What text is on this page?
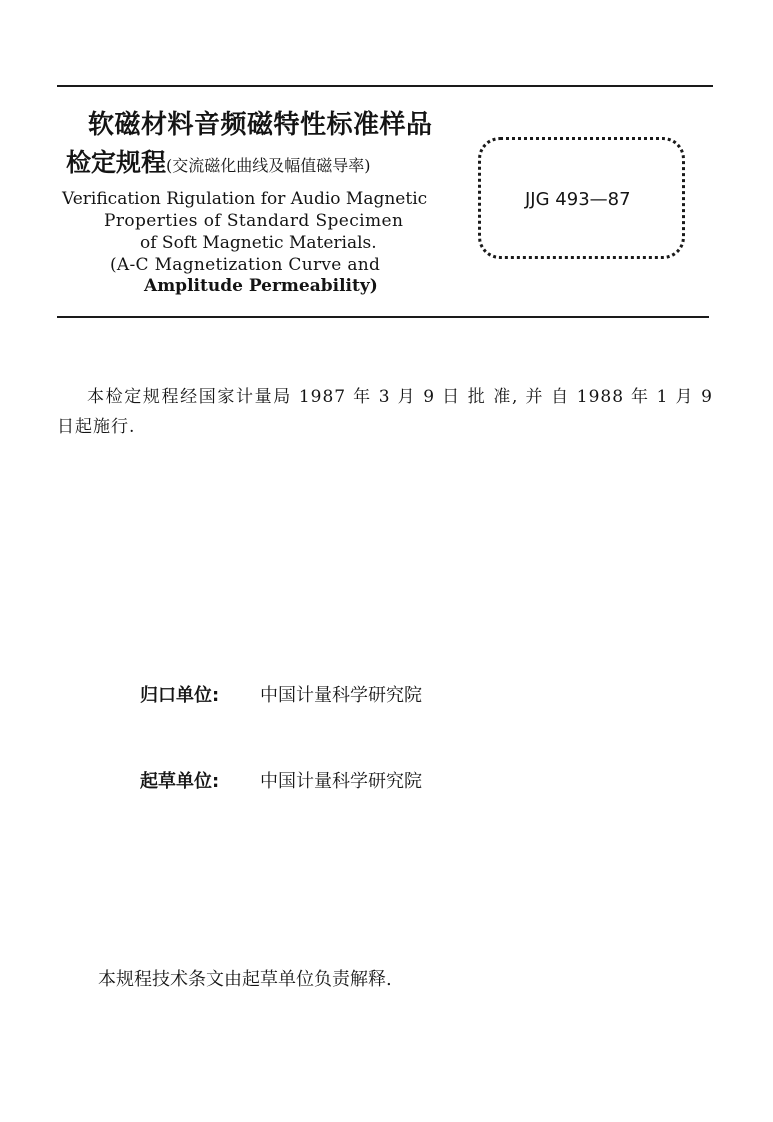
软磁材料音频磁特性标准样品
检定规程(交流磁化曲线及幅值磁导率)
Verification Rigulation for Audio Magnetic
Properties of Standard Specimen
of Soft Magnetic Materials.
(A-C Magnetization Curve and
Amplitude Permeability)
JJG 493—87
本检定规程经国家计量局 1987 年 3 月 9 日 批 准, 并 自 1988 年 1 月 9 日起施行.
归口单位: 中国计量科学研究院
起草单位: 中国计量科学研究院
本规程技术条文由起草单位负责解释.
